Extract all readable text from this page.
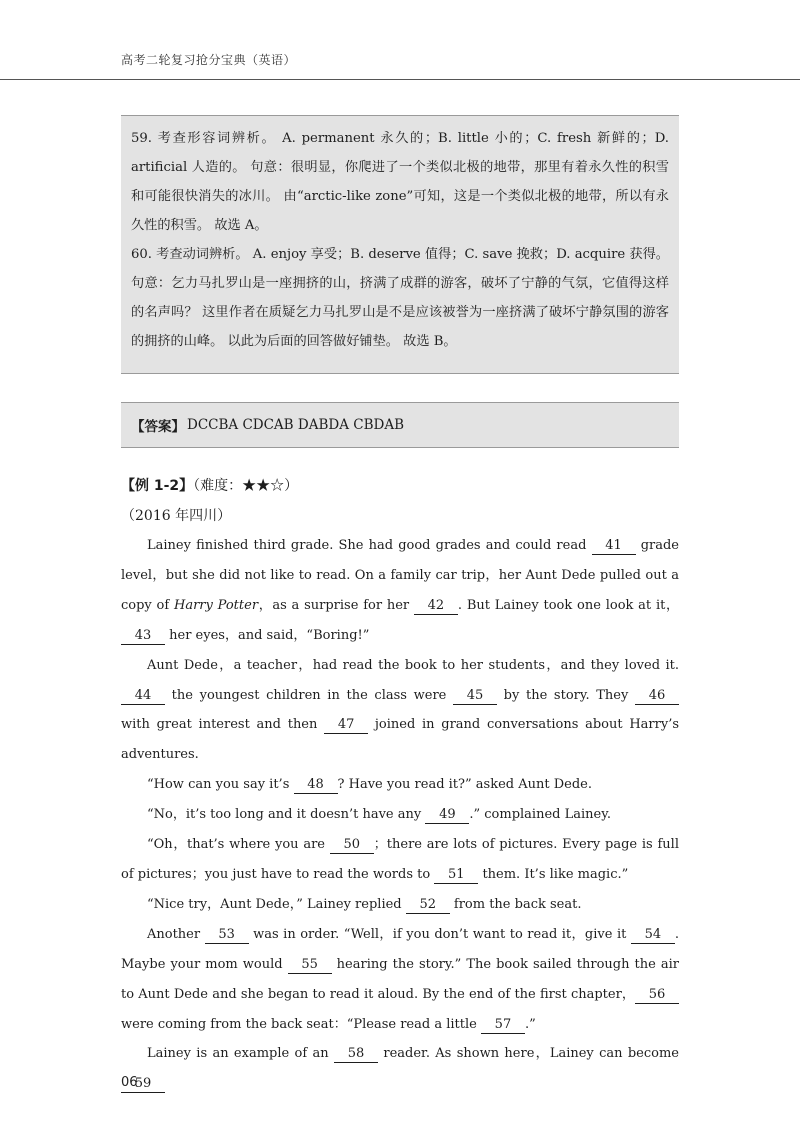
高考二轮复习抢分宝典（英语）

59. 考查形容词辨析。 A. permanent 永久的；B. little 小的；C. fresh 新鲜的；D. artificial 人造的。 句意：很明显，你爬进了一个类似北极的地带，那里有着永久性的积雪和可能很快消失的冰川。 由“arctic-like zone”可知，这是一个类似北极的地带，所以有永久性的积雪。 故选 A。

60. 考查动词辨析。 A. enjoy 享受；B. deserve 值得；C. save 挽救；D. acquire 获得。 句意：乞力马扎罗山是一座拥挤的山，挤满了成群的游客，破坏了宁静的气氛，它值得这样的名声吗？ 这里作者在质疑乞力马扎罗山是不是应该被誉为一座挤满了破坏宁静氛围的游客的拥挤的山峰。 以此为后面的回答做好铺垫。 故选 B。

【答案】 DCCBA CDCAB DABDA CBDAB
【例 1-2】（难度：★★☆）
（2016 年四川）

Lainey finished third grade. She had good grades and could read 41 grade level，but she did not like to read. On a family car trip，her Aunt Dede pulled out a copy of Harry Potter，as a surprise for her 42 . But Lainey took one look at it，43 her eyes，and said，“Boring!”

Aunt Dede，a teacher，had read the book to her students，and they loved it. 44 the youngest children in the class were 45 by the story. They 46 with great interest and then 47 joined in grand conversations about Harry’s adventures.

“How can you say it’s 48 ? Have you read it?” asked Aunt Dede.

“No，it’s too long and it doesn’t have any 49 .” complained Lainey.

“Oh，that’s where you are 50 ；there are lots of pictures. Every page is full of pictures；you just have to read the words to 51 them. It’s like magic.”

“Nice try，Aunt Dede，” Lainey replied 52 from the back seat.

Another 53 was in order. “Well，if you don’t want to read it，give it 54 . Maybe your mom would 55 hearing the story.” The book sailed through the air to Aunt Dede and she began to read it aloud. By the end of the first chapter， 56 were coming from the back seat：“Please read a little 57 .”

Lainey is an example of an 58 reader. As shown here，Lainey can become 59

06
